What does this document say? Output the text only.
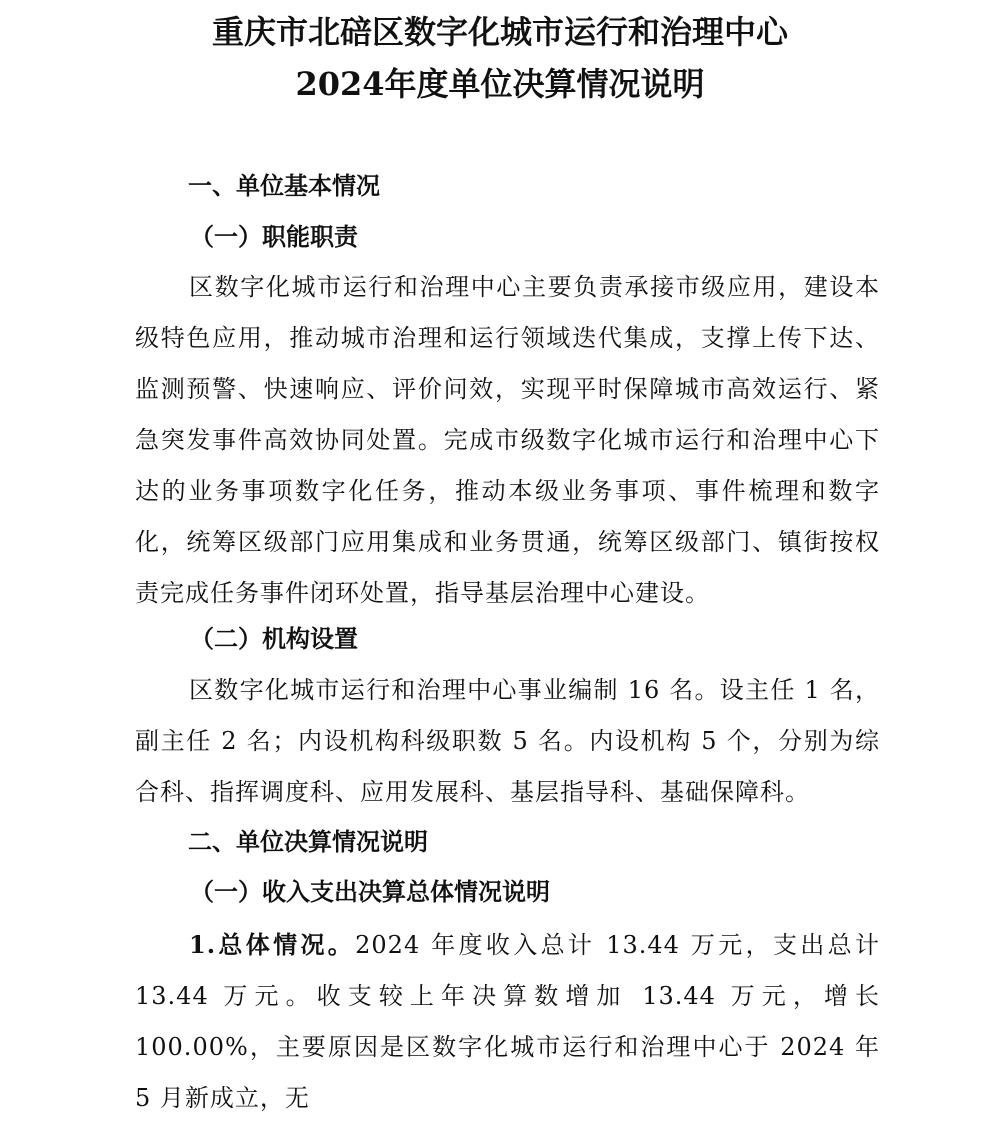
重庆市北碚区数字化城市运行和治理中心
2024年度单位决算情况说明
一、单位基本情况
（一）职能职责

区数字化城市运行和治理中心主要负责承接市级应用，建设本级特色应用，推动城市治理和运行领域迭代集成，支撑上传下达、监测预警、快速响应、评价问效，实现平时保障城市高效运行、紧急突发事件高效协同处置。完成市级数字化城市运行和治理中心下达的业务事项数字化任务，推动本级业务事项、事件梳理和数字化，统筹区级部门应用集成和业务贯通，统筹区级部门、镇街按权责完成任务事件闭环处置，指导基层治理中心建设。

（二）机构设置

区数字化城市运行和治理中心事业编制 16 名。设主任 1 名，副主任 2 名；内设机构科级职数 5 名。内设机构 5 个，分别为综合科、指挥调度科、应用发展科、基层指导科、基础保障科。

二、单位决算情况说明
（一）收入支出决算总体情况说明

1.总体情况。2024 年度收入总计 13.44 万元，支出总计 13.44 万元。收支较上年决算数增加 13.44 万元，增长 100.00%，主要原因是区数字化城市运行和治理中心于 2024 年 5 月新成立，无
